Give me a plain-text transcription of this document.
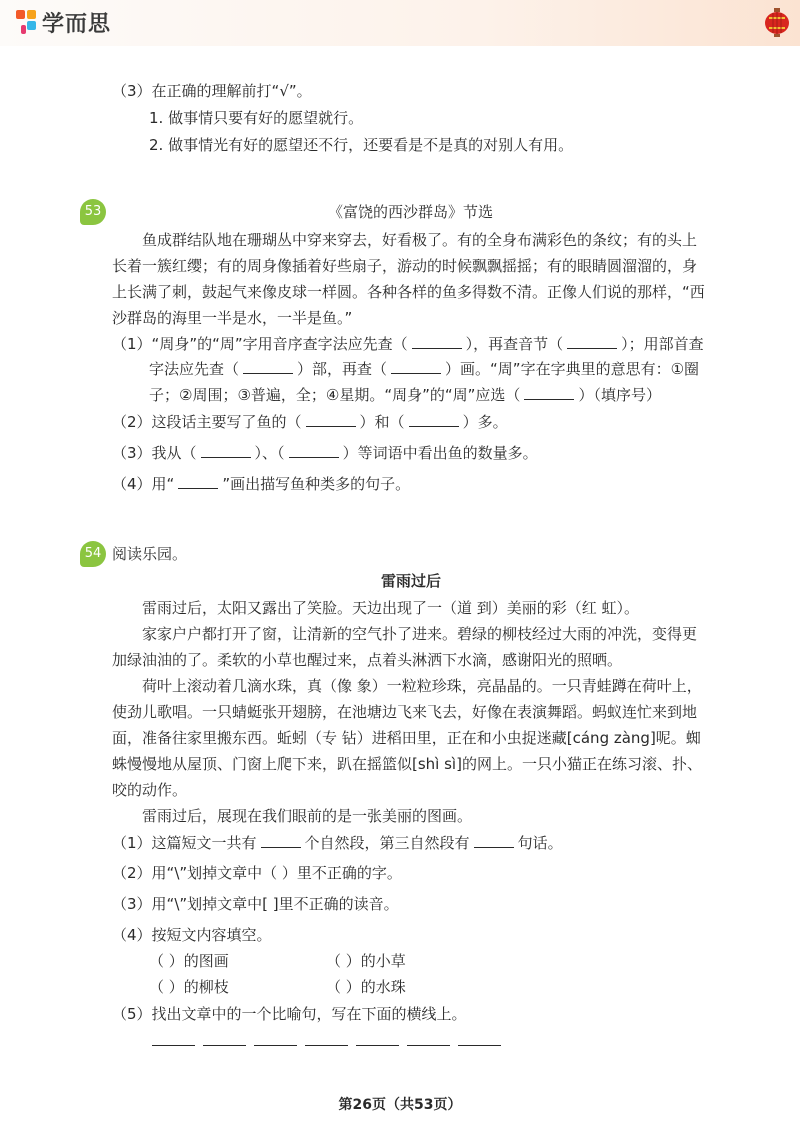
学而思
（3）在正确的理解前打“√”。
1. 做事情只要有好的愿望就行。
2. 做事情光有好的愿望还不行，还要看是不是真的对别人有用。
53	《富饶的西沙群岛》节选
鱼成群结队地在珊瑚丛中穿来穿去，好看极了。有的全身布满彩色的条纹；有的头上
长着一簇红缨；有的周身像插着好些扇子，游动的时候飘飘摇摇；有的眼睛圆溜溜的，身
上长满了刺，鼓起气来像皮球一样圆。各种各样的鱼多得数不清。正像人们说的那样，“西
沙群岛的海里一半是水，一半是鱼。”
（1）“周身”的“周”字用音序查字法应先查（	），再查音节（	）；用部首查
字法应先查（	）部，再查（	）画。“周”字在字典里的意思有：①圈
子；②周围；③普遍，全；④星期。“周身”的“周”应选（	）（填序号）
（2）这段话主要写了鱼的（	）和（	）多。
（3）我从（	）、（	）等词语中看出鱼的数量多。
（4）用“	”画出描写鱼种类多的句子。
54 阅读乐园。
雷雨过后
雷雨过后，太阳又露出了笑脸。天边出现了一（道 到）美丽的彩（红 虹）。
家家户户都打开了窗，让清新的空气扑了进来。碧绿的柳枝经过大雨的冲洗，变得更
加绿油油的了。柔软的小草也醒过来，点着头淋洒下水滴，感谢阳光的照晒。
荷叶上滚动着几滴水珠，真（像 象）一粒粒珍珠，亮晶晶的。一只青蛙蹲在荷叶上，
使劲儿歌唱。一只蜻蜓张开翅膀，在池塘边飞来飞去，好像在表演舞蹈。蚂蚁连忙来到地
面，准备往家里搬东西。蚯蚓（专 钻）进稻田里，正在和小虫捉迷藏[cáng zàng]呢。蜘
蛛慢慢地从屋顶、门窗上爬下来，趴在摇篮似[shì sì]的网上。一只小猫正在练习滚、扑、
咬的动作。
雷雨过后，展现在我们眼前的是一张美丽的图画。
（1）这篇短文一共有	个自然段，第三自然段有	句话。
（2）用“\”划掉文章中（ ）里不正确的字。
（3）用“\”划掉文章中[ ]里不正确的读音。
（4）按短文内容填空。
（ ）的图画	（ ）的小草
（ ）的柳枝	（ ）的水珠
（5）找出文章中的一个比喻句，写在下面的横线上。
第26页（共53页）
